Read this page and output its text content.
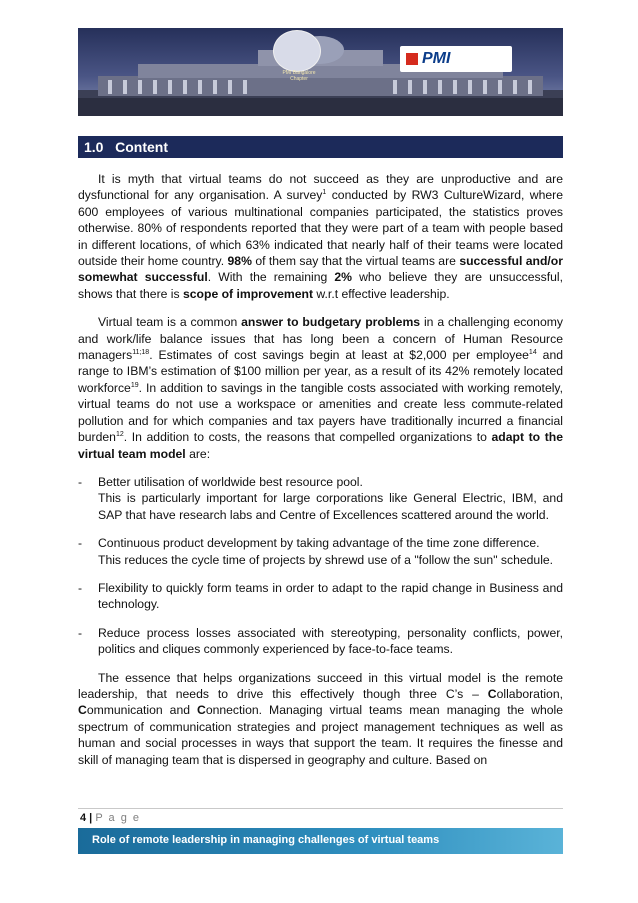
PMI Bangalore Chapter
PMI
1.0   Content

It is myth that virtual teams do not succeed as they are unproductive and are dysfunctional for any organisation. A survey$^1$ conducted by RW3 CultureWizard, where 600 employees of various multinational companies participated, the statistics proves otherwise. 80% of respondents reported that they were part of a team with people based in different locations, of which 63% indicated that nearly half of their teams were located outside their home country. 98% of them say that the virtual teams are successful and/or somewhat successful. With the remaining 2% who believe they are unsuccessful, shows that there is scope of improvement w.r.t effective leadership.

Virtual team is a common answer to budgetary problems in a challenging economy and work/life balance issues that has long been a concern of Human Resource managers$^{11;18}$. Estimates of cost savings begin at least at $2,000 per employee$^{14}$ and range to IBM’s estimation of $100 million per year, as a result of its 42% remotely located workforce$^{19}$. In addition to savings in the tangible costs associated with working remotely, virtual teams do not use a workspace or amenities and create less commute-related pollution and for which companies and tax payers have traditionally incurred a financial burden$^{12}$. In addition to costs, the reasons that compelled organizations to adapt to the virtual team model are:

- Better utilisation of worldwide best resource pool.
This is particularly important for large corporations like General Electric, IBM, and SAP that have research labs and Centre of Excellences scattered around the world.
- Continuous product development by taking advantage of the time zone difference.
This reduces the cycle time of projects by shrewd use of a "follow the sun" schedule.
- Flexibility to quickly form teams in order to adapt to the rapid change in Business and technology.
- Reduce process losses associated with stereotyping, personality conflicts, power, politics and cliques commonly experienced by face-to-face teams.

The essence that helps organizations succeed in this virtual model is the remote leadership, that needs to drive this effectively though three C’s – Collaboration, Communication and Connection. Managing virtual teams mean managing the whole spectrum of communication strategies and project management techniques as well as human and social processes in ways that support the team. It requires the finesse and skill of managing team that is dispersed in geography and culture. Based on

4 | P a g e
Role of remote leadership in managing challenges of virtual teams
